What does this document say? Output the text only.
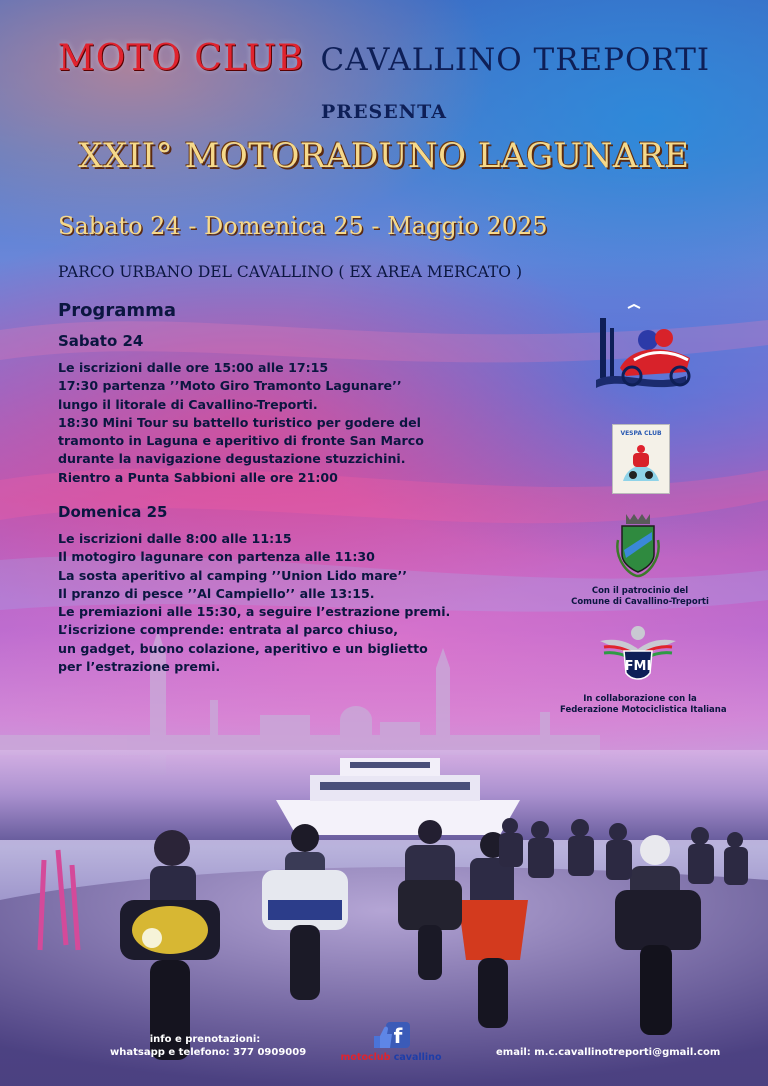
MOTO CLUB CAVALLINO TREPORTI
PRESENTA
XXII° MOTORADUNO LAGUNARE
Sabato 24 - Domenica 25 - Maggio 2025
PARCO URBANO DEL CAVALLINO ( EX AREA MERCATO )
Programma
Sabato 24
Le iscrizioni dalle ore 15:00 alle 17:15
17:30 partenza ’’Moto Giro Tramonto Lagunare’’
lungo il litorale di Cavallino-Treporti.
18:30 Mini Tour su battello turistico per godere del
tramonto in Laguna e aperitivo di fronte San Marco
durante la navigazione degustazione stuzzichini.
Rientro a Punta Sabbioni alle ore 21:00
Domenica 25
Le iscrizioni dalle 8:00 alle 11:15
Il motogiro lagunare con partenza alle 11:30
La sosta aperitivo al camping ’’Union Lido mare’’
Il pranzo di pesce ’’Al Campiello’’ alle 13:15.
Le premiazioni alle 15:30, a seguire l’estrazione premi.
L’iscrizione comprende: entrata al parco chiuso,
un gadget, buono colazione, aperitivo e un biglietto
per l’estrazione premi.
VESPA CLUB
Con il patrocinio del
Comune di Cavallino-Treporti
FMI
In collaborazione con la
Federazione Motociclistica Italiana
info e prenotazioni:
whatsapp e telefono: 377 0909009
f
motoclub cavallino	email: m.c.cavallinotreporti@gmail.com
